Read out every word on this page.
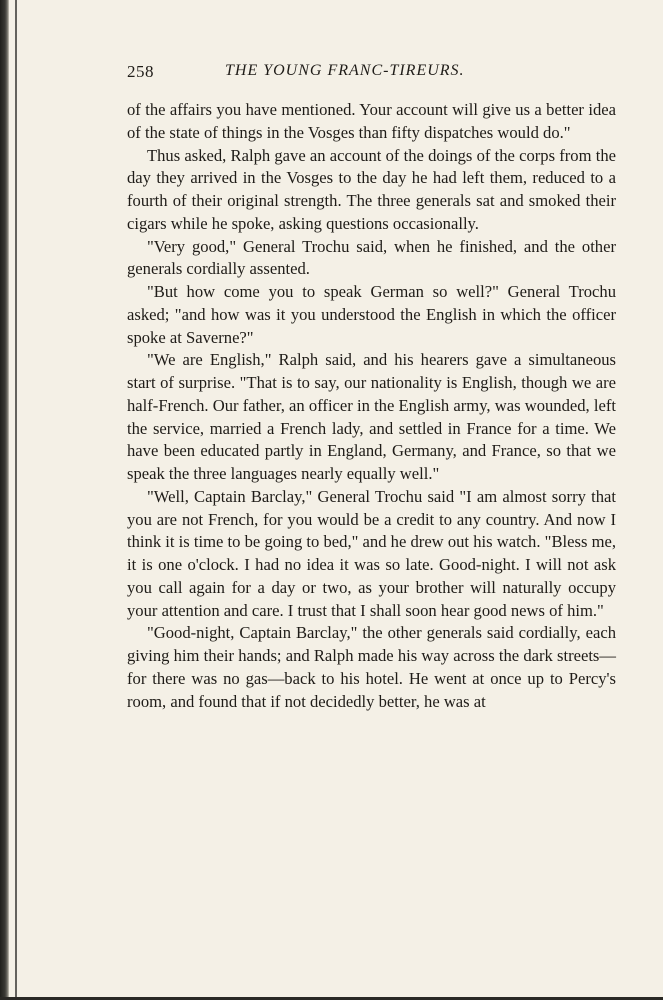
258	THE YOUNG FRANC-TIREURS.

of the affairs you have mentioned. Your account will give us a better idea of the state of things in the Vosges than fifty dispatches would do."

Thus asked, Ralph gave an account of the doings of the corps from the day they arrived in the Vosges to the day he had left them, reduced to a fourth of their original strength. The three generals sat and smoked their cigars while he spoke, asking questions occasionally.

"Very good," General Trochu said, when he finished, and the other generals cordially assented.

"But how come you to speak German so well?" General Trochu asked; "and how was it you understood the English in which the officer spoke at Saverne?"

"We are English," Ralph said, and his hearers gave a simultaneous start of surprise. "That is to say, our nationality is English, though we are half-French. Our father, an officer in the English army, was wounded, left the service, married a French lady, and settled in France for a time. We have been educated partly in England, Germany, and France, so that we speak the three languages nearly equally well."

"Well, Captain Barclay," General Trochu said "I am almost sorry that you are not French, for you would be a credit to any country. And now I think it is time to be going to bed," and he drew out his watch. "Bless me, it is one o'clock. I had no idea it was so late. Good-night. I will not ask you call again for a day or two, as your brother will naturally occupy your attention and care. I trust that I shall soon hear good news of him."

"Good-night, Captain Barclay," the other generals said cordially, each giving him their hands; and Ralph made his way across the dark streets—for there was no gas—back to his hotel. He went at once up to Percy's room, and found that if not decidedly better, he was at
